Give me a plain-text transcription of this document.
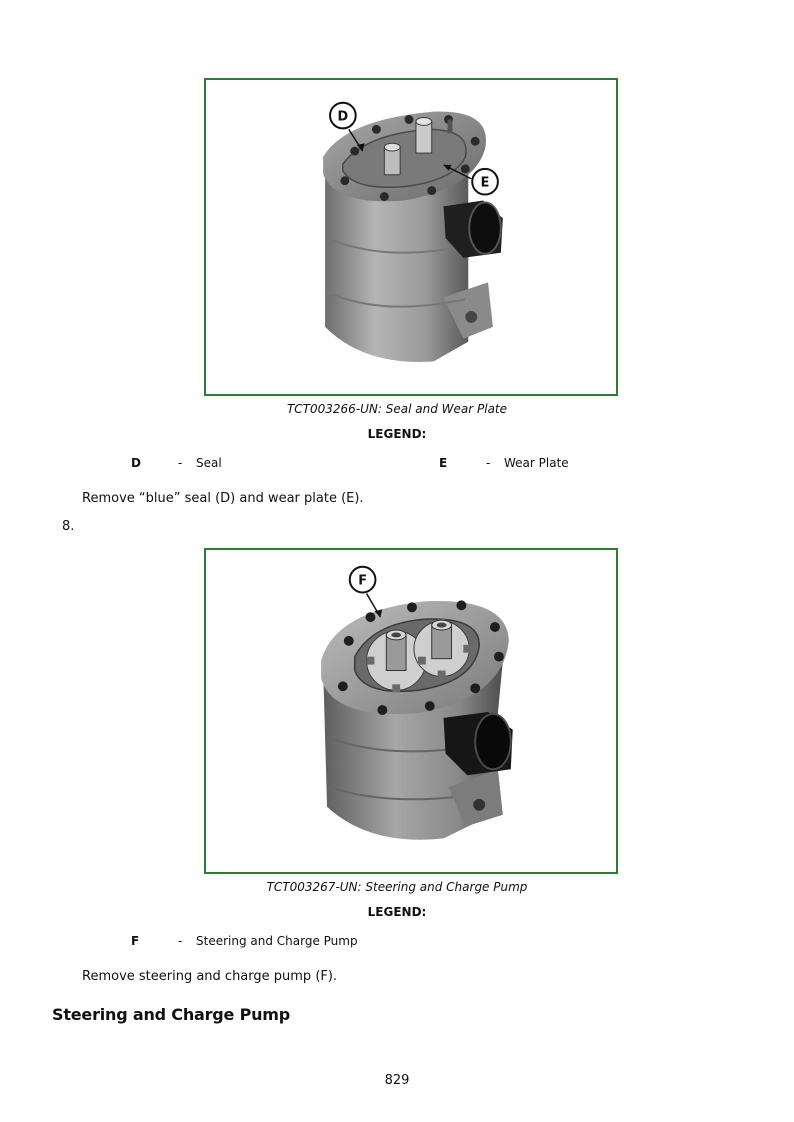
D
E
TCT003266-UN: Seal and Wear Plate
LEGEND:
D	- Seal	E	- Wear Plate
Remove “blue” seal (D) and wear plate (E).
8.
F
TCT003267-UN: Steering and Charge Pump
LEGEND:
F	- Steering and Charge Pump
Remove steering and charge pump (F).
Steering and Charge Pump
829
